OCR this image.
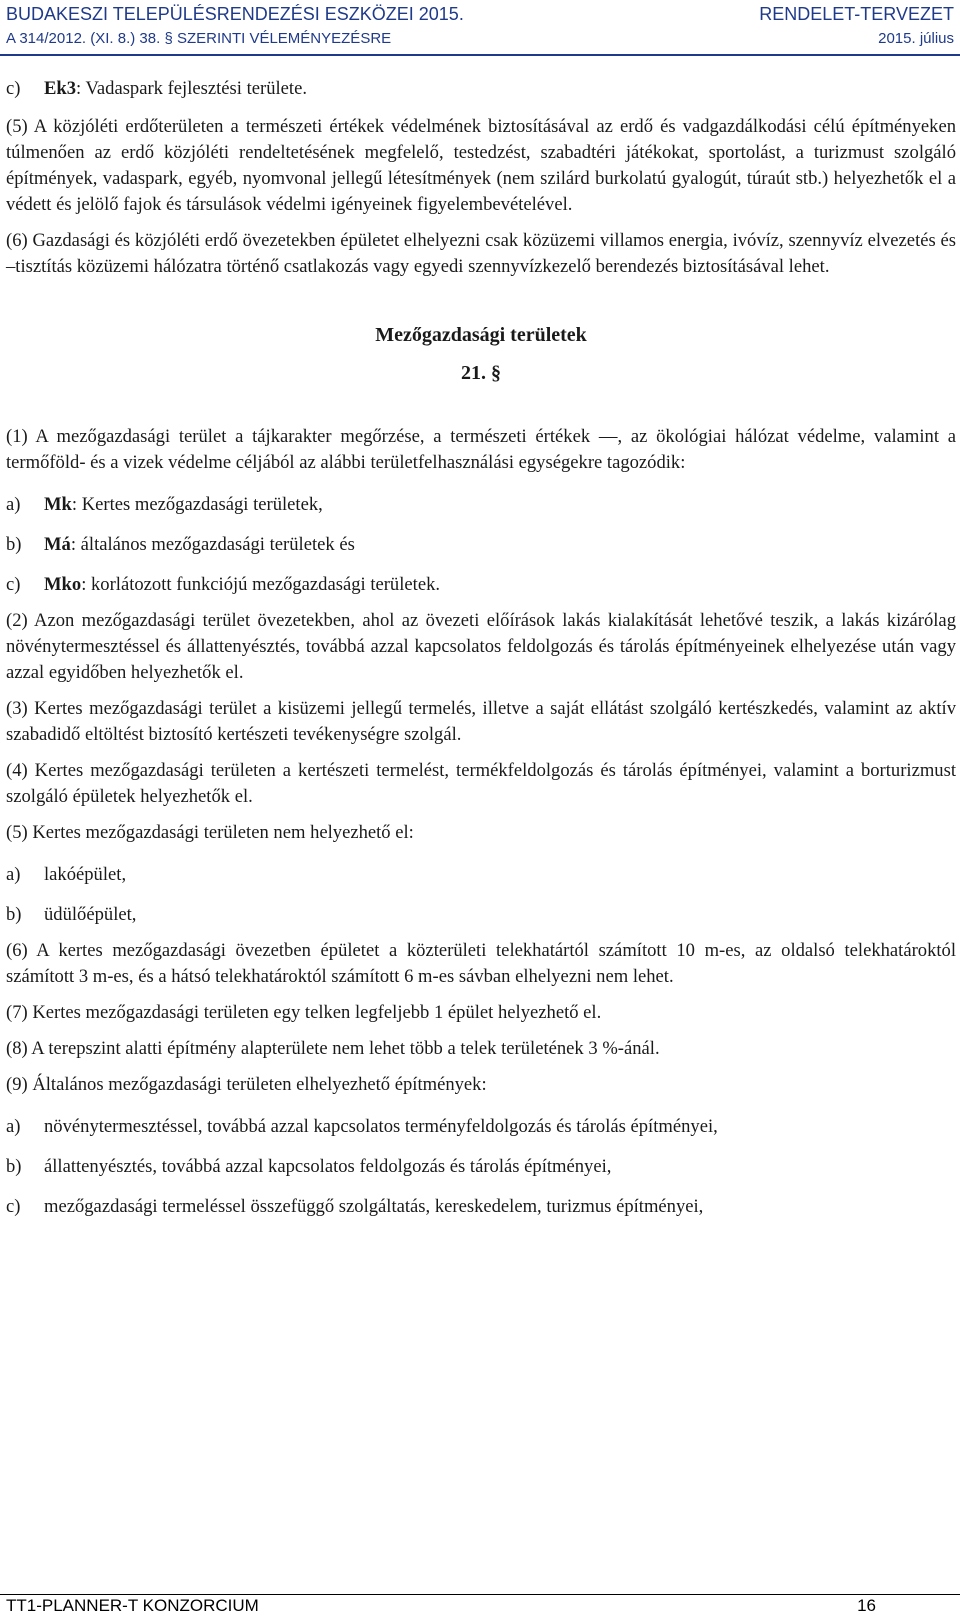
BUDAKESZI TELEPÜLÉSRENDEZÉSI ESZKÖZEI 2015.	RENDELET-TERVEZET
A 314/2012. (XI. 8.) 38. § SZERINTI VÉLEMÉNYEZÉSRE	2015. július
c)	Ek3: Vadaspark fejlesztési területe.

(5) A közjóléti erdőterületen a természeti értékek védelmének biztosításával az erdő és vadgazdálkodási célú építményeken túlmenően az erdő közjóléti rendeltetésének megfelelő, testedzést, szabadtéri játékokat, sportolást, a turizmust szolgáló építmények, vadaspark, egyéb, nyomvonal jellegű létesítmények (nem szilárd burkolatú gyalogút, túraút stb.) helyezhetők el a védett és jelölő fajok és társulások védelmi igényeinek figyelembevételével.

(6) Gazdasági és közjóléti erdő övezetekben épületet elhelyezni csak közüzemi villamos energia, ivóvíz, szennyvíz elvezetés és –tisztítás közüzemi hálózatra történő csatlakozás vagy egyedi szennyvízkezelő berendezés biztosításával lehet.

Mezőgazdasági területek
21. §

(1) A mezőgazdasági terület a tájkarakter megőrzése, a természeti értékek —, az ökológiai hálózat védelme, valamint a termőföld- és a vizek védelme céljából az alábbi területfelhasználási egységekre tagozódik:

a)	Mk: Kertes mezőgazdasági területek,
b)	Má: általános mezőgazdasági területek és
c)	Mko: korlátozott funkciójú mezőgazdasági területek.

(2) Azon mezőgazdasági terület övezetekben, ahol az övezeti előírások lakás kialakítását lehetővé teszik, a lakás kizárólag növénytermesztéssel és állattenyésztés, továbbá azzal kapcsolatos feldolgozás és tárolás építményeinek elhelyezése után vagy azzal egyidőben helyezhetők el.

(3) Kertes mezőgazdasági terület a kisüzemi jellegű termelés, illetve a saját ellátást szolgáló kertészkedés, valamint az aktív szabadidő eltöltést biztosító kertészeti tevékenységre szolgál.

(4) Kertes mezőgazdasági területen a kertészeti termelést, termékfeldolgozás és tárolás építményei, valamint a borturizmust szolgáló épületek helyezhetők el.

(5) Kertes mezőgazdasági területen nem helyezhető el:

a)	lakóépület,
b)	üdülőépület,

(6) A kertes mezőgazdasági övezetben épületet a közterületi telekhatártól számított 10 m-es, az oldalsó telekhatároktól számított 3 m-es, és a hátsó telekhatároktól számított 6 m-es sávban elhelyezni nem lehet.

(7) Kertes mezőgazdasági területen egy telken legfeljebb 1 épület helyezhető el.

(8) A terepszint alatti építmény alapterülete nem lehet több a telek területének 3 %-ánál.

(9) Általános mezőgazdasági területen elhelyezhető építmények:

a)	növénytermesztéssel, továbbá azzal kapcsolatos terményfeldolgozás és tárolás építményei,
b)	állattenyésztés, továbbá azzal kapcsolatos feldolgozás és tárolás építményei,
c)	mezőgazdasági termeléssel összefüggő szolgáltatás, kereskedelem, turizmus építményei,
TT1-PLANNER-T KONZORCIUM	16
